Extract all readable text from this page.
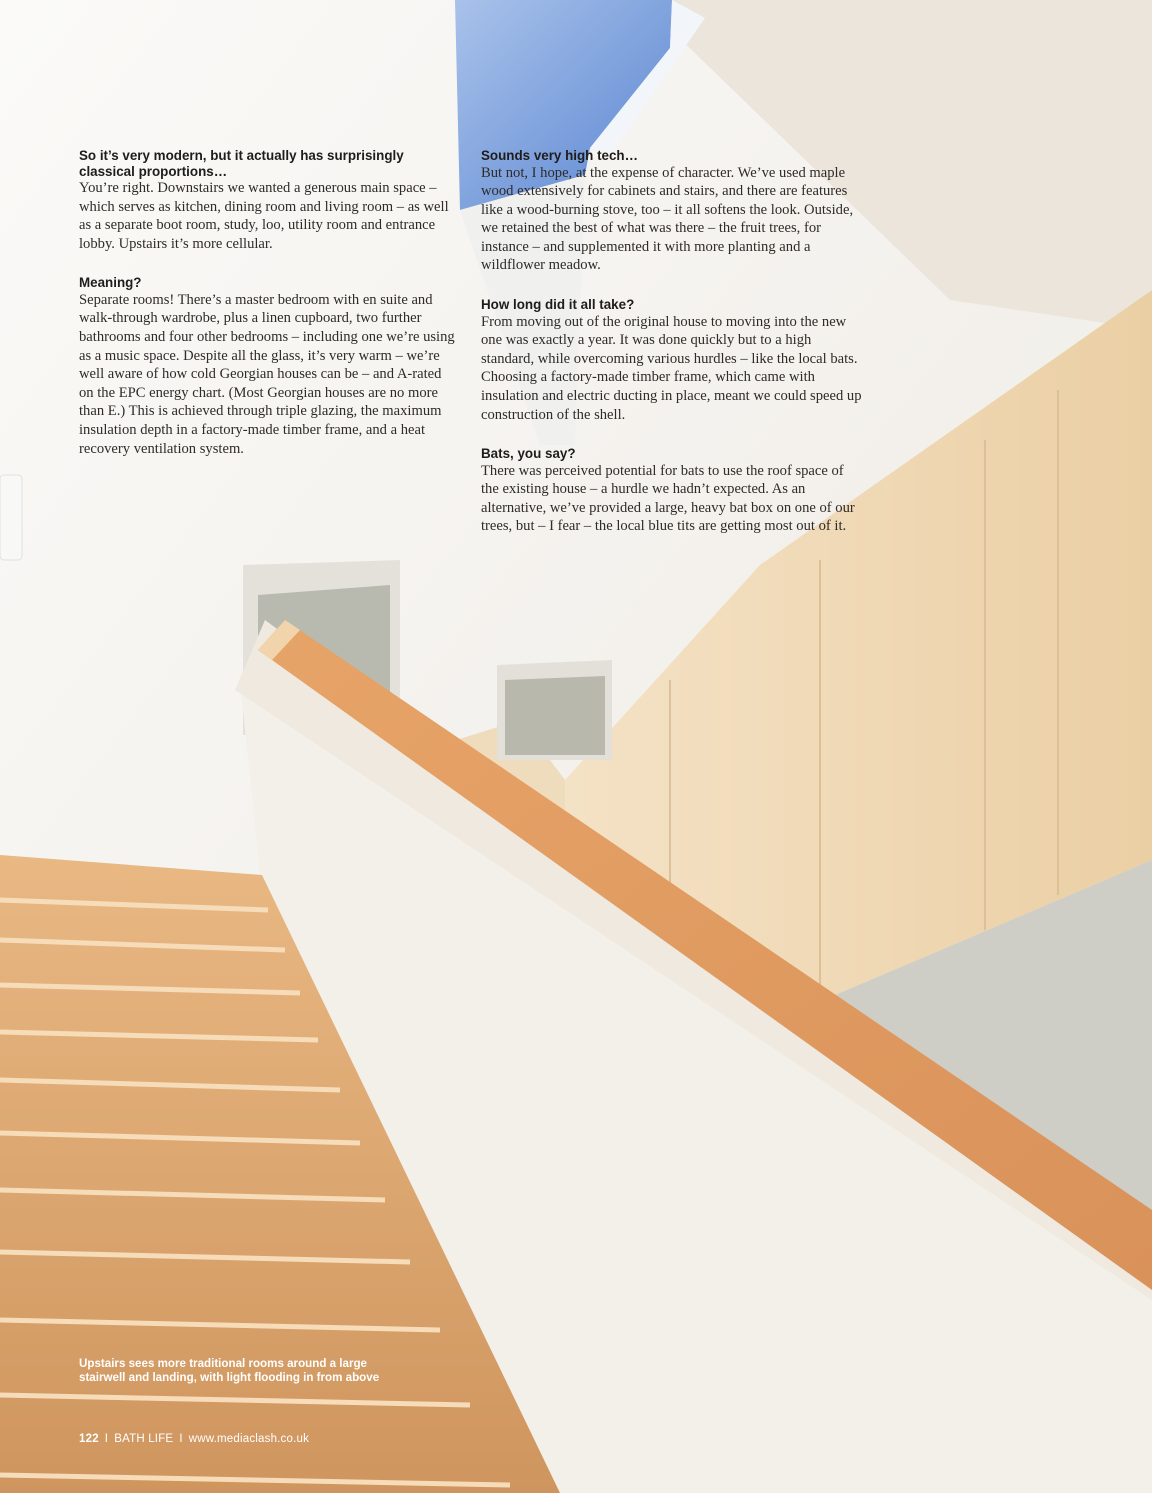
So it’s very modern, but it actually has surprisingly classical proportions…

You’re right. Downstairs we wanted a generous main space – which serves as kitchen, dining room and living room – as well as a separate boot room, study, loo, utility room and entrance lobby. Upstairs it’s more cellular.

Meaning?

Separate rooms! There’s a master bedroom with en suite and walk-through wardrobe, plus a linen cupboard, two further bathrooms and four other bedrooms – including one we’re using as a music space. Despite all the glass, it’s very warm – we’re well aware of how cold Georgian houses can be – and A-rated on the EPC energy chart. (Most Georgian houses are no more than E.) This is achieved through triple glazing, the maximum insulation depth in a factory-made timber frame, and a heat recovery ventilation system.

Sounds very high tech…

But not, I hope, at the expense of character. We’ve used maple wood extensively for cabinets and stairs, and there are features like a wood-burning stove, too – it all softens the look. Outside, we retained the best of what was there – the fruit trees, for instance – and supplemented it with more planting and a wildflower meadow.

How long did it all take?

From moving out of the original house to moving into the new one was exactly a year. It was done quickly but to a high standard, while overcoming various hurdles – like the local bats. Choosing a factory-made timber frame, which came with insulation and electric ducting in place, meant we could speed up construction of the shell.

Bats, you say?

There was perceived potential for bats to use the roof space of the existing house – a hurdle we hadn’t expected. As an alternative, we’ve provided a large, heavy bat box on one of our trees, but – I fear – the local blue tits are getting most out of it.

Upstairs sees more traditional rooms around a large stairwell and landing, with light flooding in from above
122 I BATH LIFE I www.mediaclash.co.uk
